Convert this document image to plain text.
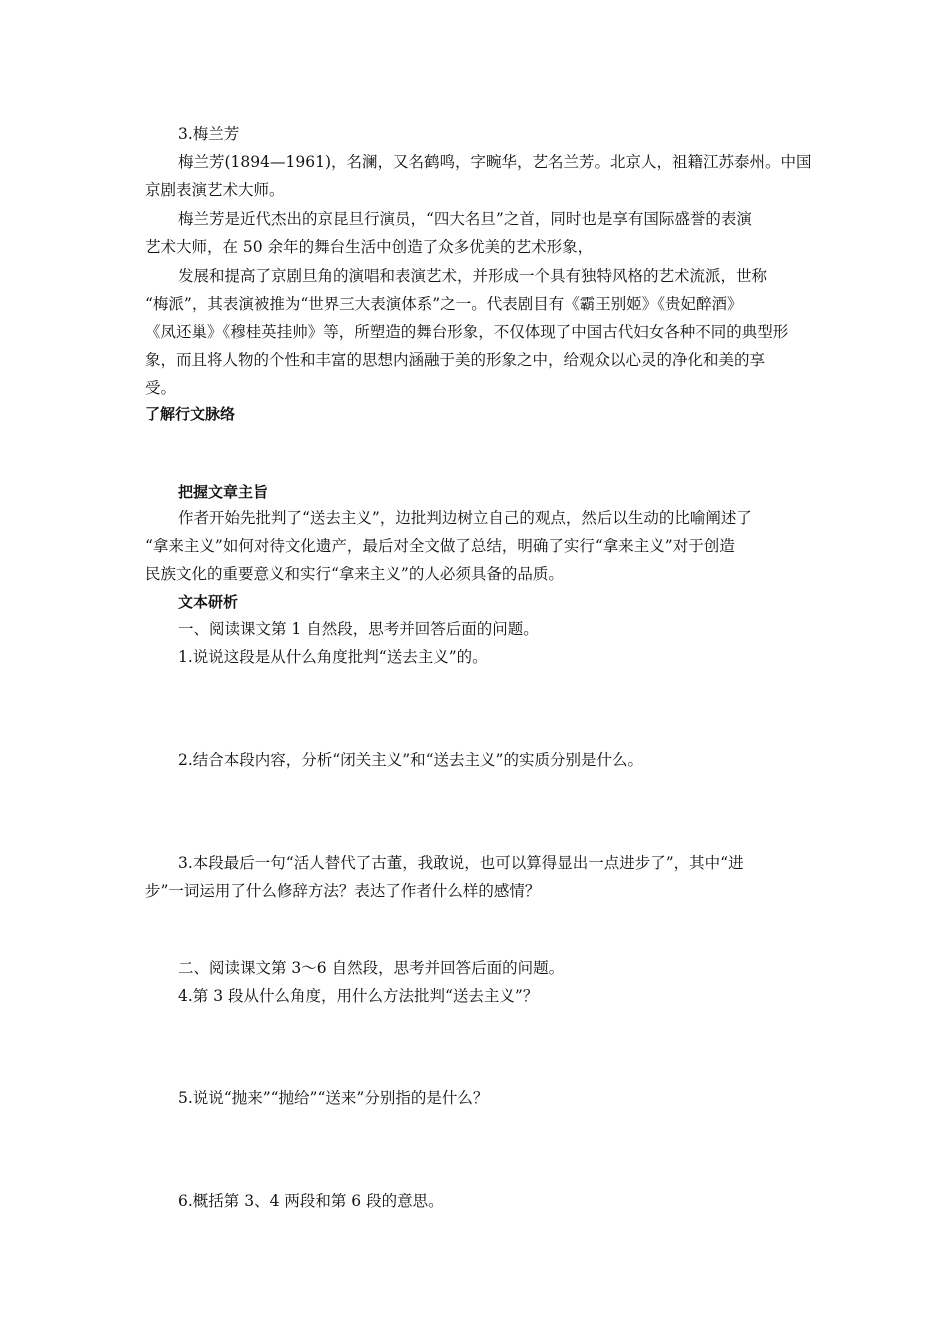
3.梅兰芳
梅兰芳(1894—1961)，名澜，又名鹤鸣，字畹华，艺名兰芳。北京人，祖籍江苏泰州。中国
京剧表演艺术大师。
梅兰芳是近代杰出的京昆旦行演员，“四大名旦”之首，同时也是享有国际盛誉的表演
艺术大师，在 50 余年的舞台生活中创造了众多优美的艺术形象，
发展和提高了京剧旦角的演唱和表演艺术，并形成一个具有独特风格的艺术流派，世称
“梅派”，其表演被推为“世界三大表演体系”之一。代表剧目有《霸王别姬》《贵妃醉酒》
《凤还巢》《穆桂英挂帅》等，所塑造的舞台形象，不仅体现了中国古代妇女各种不同的典型形
象，而且将人物的个性和丰富的思想内涵融于美的形象之中，给观众以心灵的净化和美的享
受。
了解行文脉络
把握文章主旨
作者开始先批判了“送去主义”，边批判边树立自己的观点，然后以生动的比喻阐述了
“拿来主义”如何对待文化遗产，最后对全文做了总结，明确了实行“拿来主义”对于创造
民族文化的重要意义和实行“拿来主义”的人必须具备的品质。
文本研析
一、阅读课文第 1 自然段，思考并回答后面的问题。
1.说说这段是从什么角度批判“送去主义”的。
2.结合本段内容，分析“闭关主义”和“送去主义”的实质分别是什么。
3.本段最后一句“活人替代了古董，我敢说，也可以算得显出一点进步了”，其中“进
步”一词运用了什么修辞方法？表达了作者什么样的感情？
二、阅读课文第 3～6 自然段，思考并回答后面的问题。
4.第 3 段从什么角度，用什么方法批判“送去主义”？
5.说说“抛来”“抛给”“送来”分别指的是什么？
6.概括第 3、4 两段和第 6 段的意思。
